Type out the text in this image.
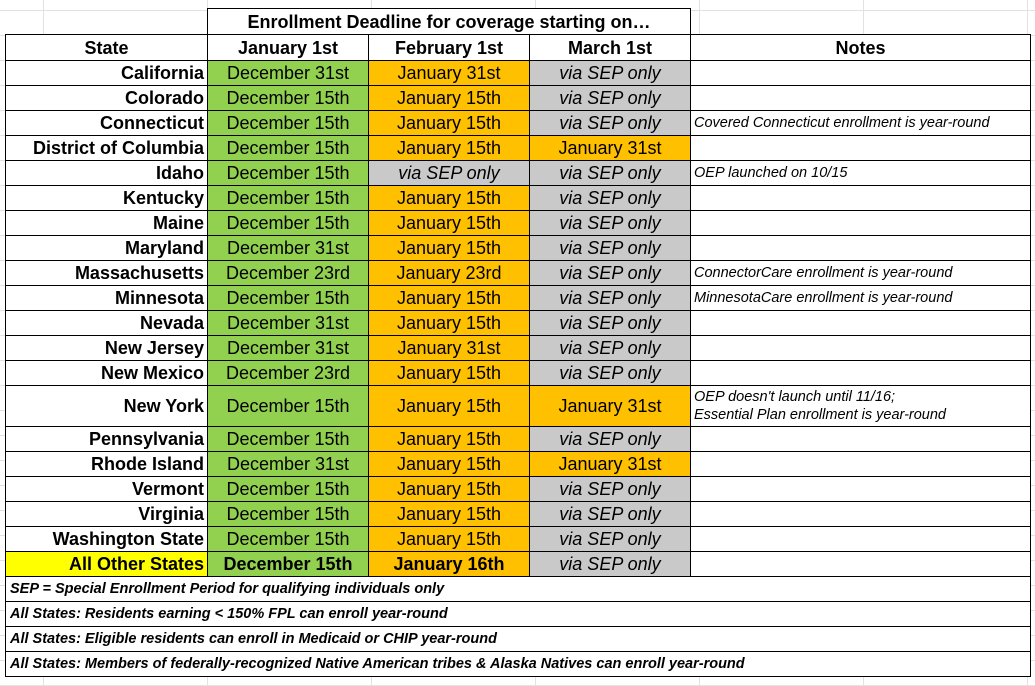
Enrollment Deadline for coverage starting on…
State	January 1st	February 1st	March 1st	Notes
California	December 31st	January 31st	via SEP only
Colorado	December 15th	January 15th	via SEP only
Connecticut	December 15th	January 15th	via SEP only	Covered Connecticut enrollment is year-round
District of Columbia	December 15th	January 15th	January 31st
Idaho	December 15th	via SEP only	via SEP only	OEP launched on 10/15
Kentucky	December 15th	January 15th	via SEP only
Maine	December 15th	January 15th	via SEP only
Maryland	December 31st	January 15th	via SEP only
Massachusetts	December 23rd	January 23rd	via SEP only	ConnectorCare enrollment is year-round
Minnesota	December 15th	January 15th	via SEP only	MinnesotaCare enrollment is year-round
Nevada	December 31st	January 15th	via SEP only
New Jersey	December 31st	January 31st	via SEP only
New Mexico	December 23rd	January 15th	via SEP only
New York	December 15th	January 15th	January 31st	OEP doesn't launch until 11/16;
Essential Plan enrollment is year-round
Pennsylvania	December 15th	January 15th	via SEP only
Rhode Island	December 31st	January 15th	January 31st
Vermont	December 15th	January 15th	via SEP only
Virginia	December 15th	January 15th	via SEP only
Washington State	December 15th	January 15th	via SEP only
All Other States	December 15th	January 16th	via SEP only
SEP = Special Enrollment Period for qualifying individuals only
All States: Residents earning < 150% FPL can enroll year-round
All States: Eligible residents can enroll in Medicaid or CHIP year-round
All States: Members of federally-recognized Native American tribes & Alaska Natives can enroll year-round
